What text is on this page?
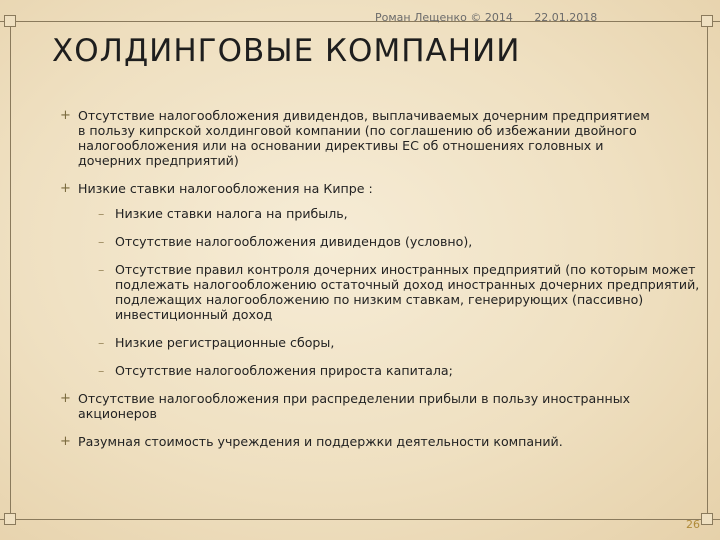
Роман Лещенко © 2014 22.01.2018
ХОЛДИНГОВЫЕ КОМПАНИИ
+ Отсутствие налогообложения дивидендов, выплачиваемых дочерним предприятием в пользу кипрской холдинговой компании (по соглашению об избежании двойного налогообложения или на основании директивы ЕС об отношениях головных и дочерних предприятий)
+ Низкие ставки налогообложения на Кипре :
– Низкие ставки налога на прибыль,
– Отсутствие налогообложения дивидендов (условно),
– Отсутствие правил контроля дочерних иностранных предприятий (по которым может подлежать налогообложению остаточный доход иностранных дочерних предприятий, подлежащих налогообложению по низким ставкам, генерирующих (пассивно) инвестиционный доход
– Низкие регистрационные сборы,
– Отсутствие налогообложения прироста капитала;
+ Отсутствие налогообложения при распределении прибыли в пользу иностранных акционеров
+ Разумная стоимость учреждения и поддержки деятельности компаний.
26
